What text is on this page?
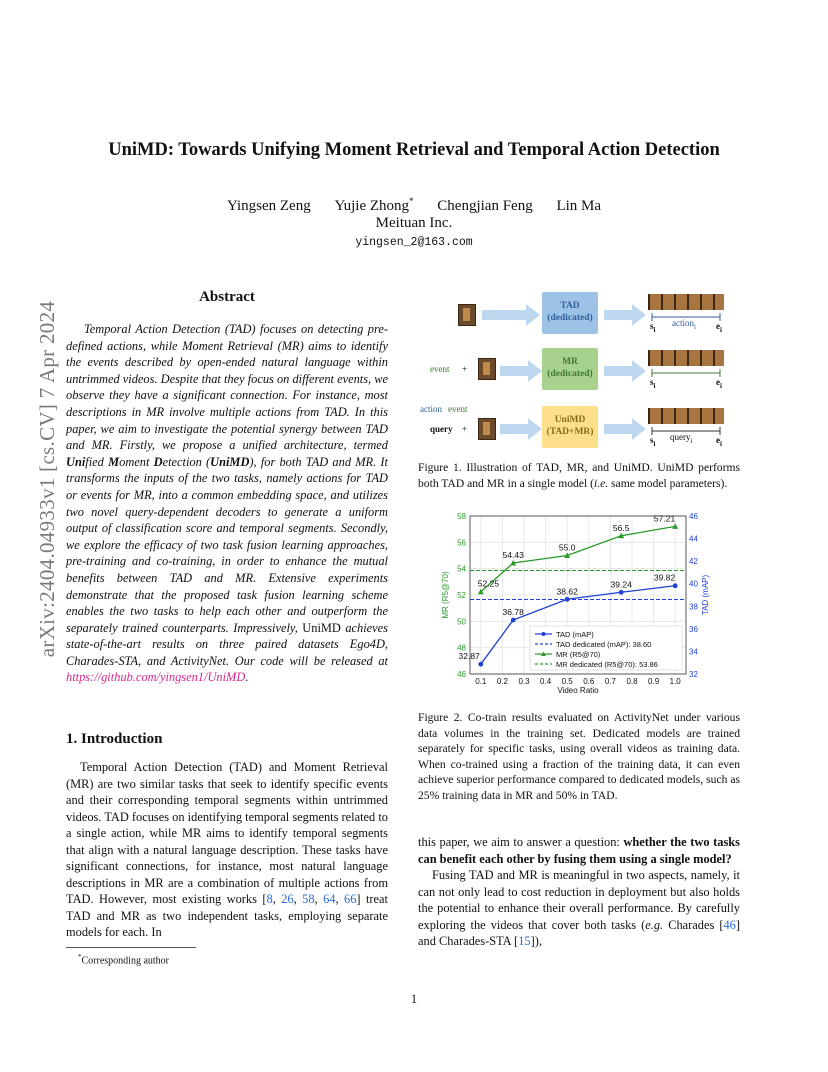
arXiv:2404.04933v1 [cs.CV] 7 Apr 2024
UniMD: Towards Unifying Moment Retrieval and Temporal Action Detection
Yingsen Zeng Yujie Zhong* Chengjian Feng Lin Ma
Meituan Inc.
yingsen_2@163.com
Abstract
Temporal Action Detection (TAD) focuses on detecting pre-defined actions, while Moment Retrieval (MR) aims to identify the events described by open-ended natural language within untrimmed videos. Despite that they focus on different events, we observe they have a significant connection. For instance, most descriptions in MR involve multiple actions from TAD. In this paper, we aim to investigate the potential synergy between TAD and MR. Firstly, we propose a unified architecture, termed Unified Moment Detection (UniMD), for both TAD and MR. It transforms the inputs of the two tasks, namely actions for TAD or events for MR, into a common embedding space, and utilizes two novel query-dependent decoders to generate a uniform output of classification score and temporal segments. Secondly, we explore the efficacy of two task fusion learning approaches, pre-training and co-training, in order to enhance the mutual benefits between TAD and MR. Extensive experiments demonstrate that the proposed task fusion learning scheme enables the two tasks to help each other and outperform the separately trained counterparts. Impressively, UniMD achieves state-of-the-art results on three paired datasets Ego4D, Charades-STA, and ActivityNet. Our code will be released at https://github.com/yingsen1/UniMD.
1. Introduction
Temporal Action Detection (TAD) and Moment Retrieval (MR) are two similar tasks that seek to identify specific events and their corresponding temporal segments within untrimmed videos. TAD focuses on identifying temporal segments related to a single action, while MR aims to identify temporal segments that align with a natural language description. These tasks have significant connections, for instance, most natural language descriptions in MR are a combination of multiple actions from TAD. However, most existing works [8, 26, 58, 64, 66] treat TAD and MR as two independent tasks, employing separate models for each. In
*Corresponding author
1
TAD
(dedicated)
$s_i$
action$_i$ $e_i$
event +
MR
(dedicated)
$s_i$	$e_i$
action event
query +
UniMD
(TAD+MR)
$s_i$
query$_i$	$e_i$
Figure 1. Illustration of TAD, MR, and UniMD. UniMD performs both TAD and MR in a single model (i.e. same model parameters).
46
48
50
52
54
56
58
32
34
36
38
40
42
44
46
0.1 0.2 0.3 0.4 0.5 0.6 0.7 0.8 0.9 1.0
Video Ratio
MR (R5@70)	TAD (mAP)
32.87
36.78
38.62
39.24
39.82
52.25
54.43
55.0
56.5
57.21
TAD (mAP)
TAD dedicated (mAP): 38.60
MR (R5@70)
MR dedicated (R5@70): 53.86
Figure 2. Co-train results evaluated on ActivityNet under various data volumes in the training set. Dedicated models are trained separately for specific tasks, using overall videos as training data. When co-trained using a fraction of the training data, it can even achieve superior performance compared to dedicated models, such as 25% training data in MR and 50% in TAD.
this paper, we aim to answer a question: whether the two tasks can benefit each other by fusing them using a single model?
Fusing TAD and MR is meaningful in two aspects, namely, it can not only lead to cost reduction in deployment but also holds the potential to enhance their overall performance. By carefully exploring the videos that cover both tasks (e.g. Charades [46] and Charades-STA [15]),
